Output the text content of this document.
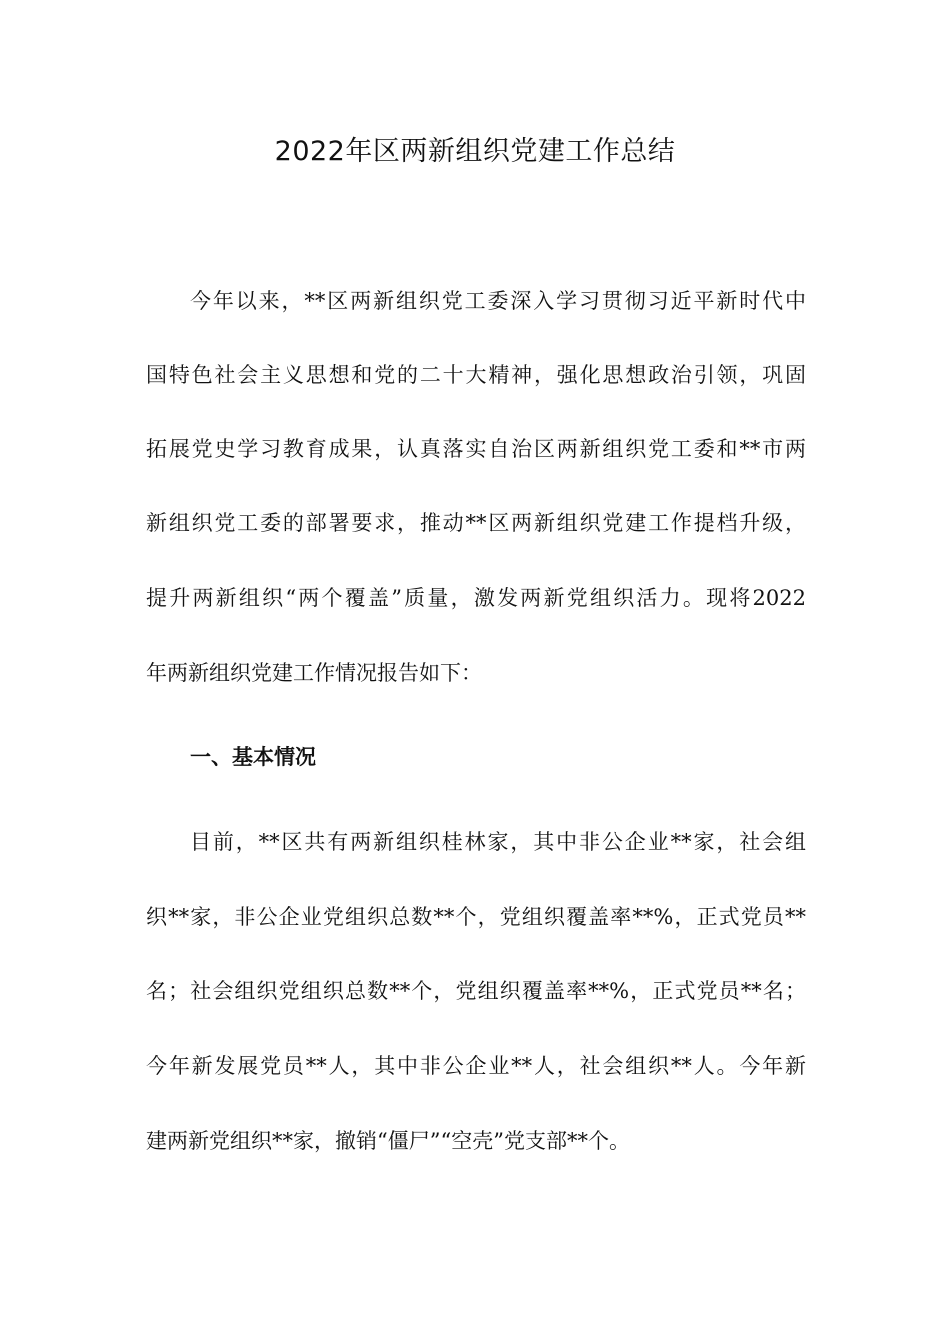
2022年区两新组织党建工作总结
今年以来，**区两新组织党工委深入学习贯彻习近平新时代中
国特色社会主义思想和党的二十大精神，强化思想政治引领，巩固
拓展党史学习教育成果，认真落实自治区两新组织党工委和**市两
新组织党工委的部署要求，推动**区两新组织党建工作提档升级，
提升两新组织“两个覆盖”质量，激发两新党组织活力。现将2022
年两新组织党建工作情况报告如下：
一、基本情况
目前，**区共有两新组织桂林家，其中非公企业**家，社会组
织**家，非公企业党组织总数**个，党组织覆盖率**%，正式党员**
名；社会组织党组织总数**个，党组织覆盖率**%，正式党员**名；
今年新发展党员**人，其中非公企业**人，社会组织**人。今年新
建两新党组织**家，撤销“僵尸”“空壳”党支部**个。
